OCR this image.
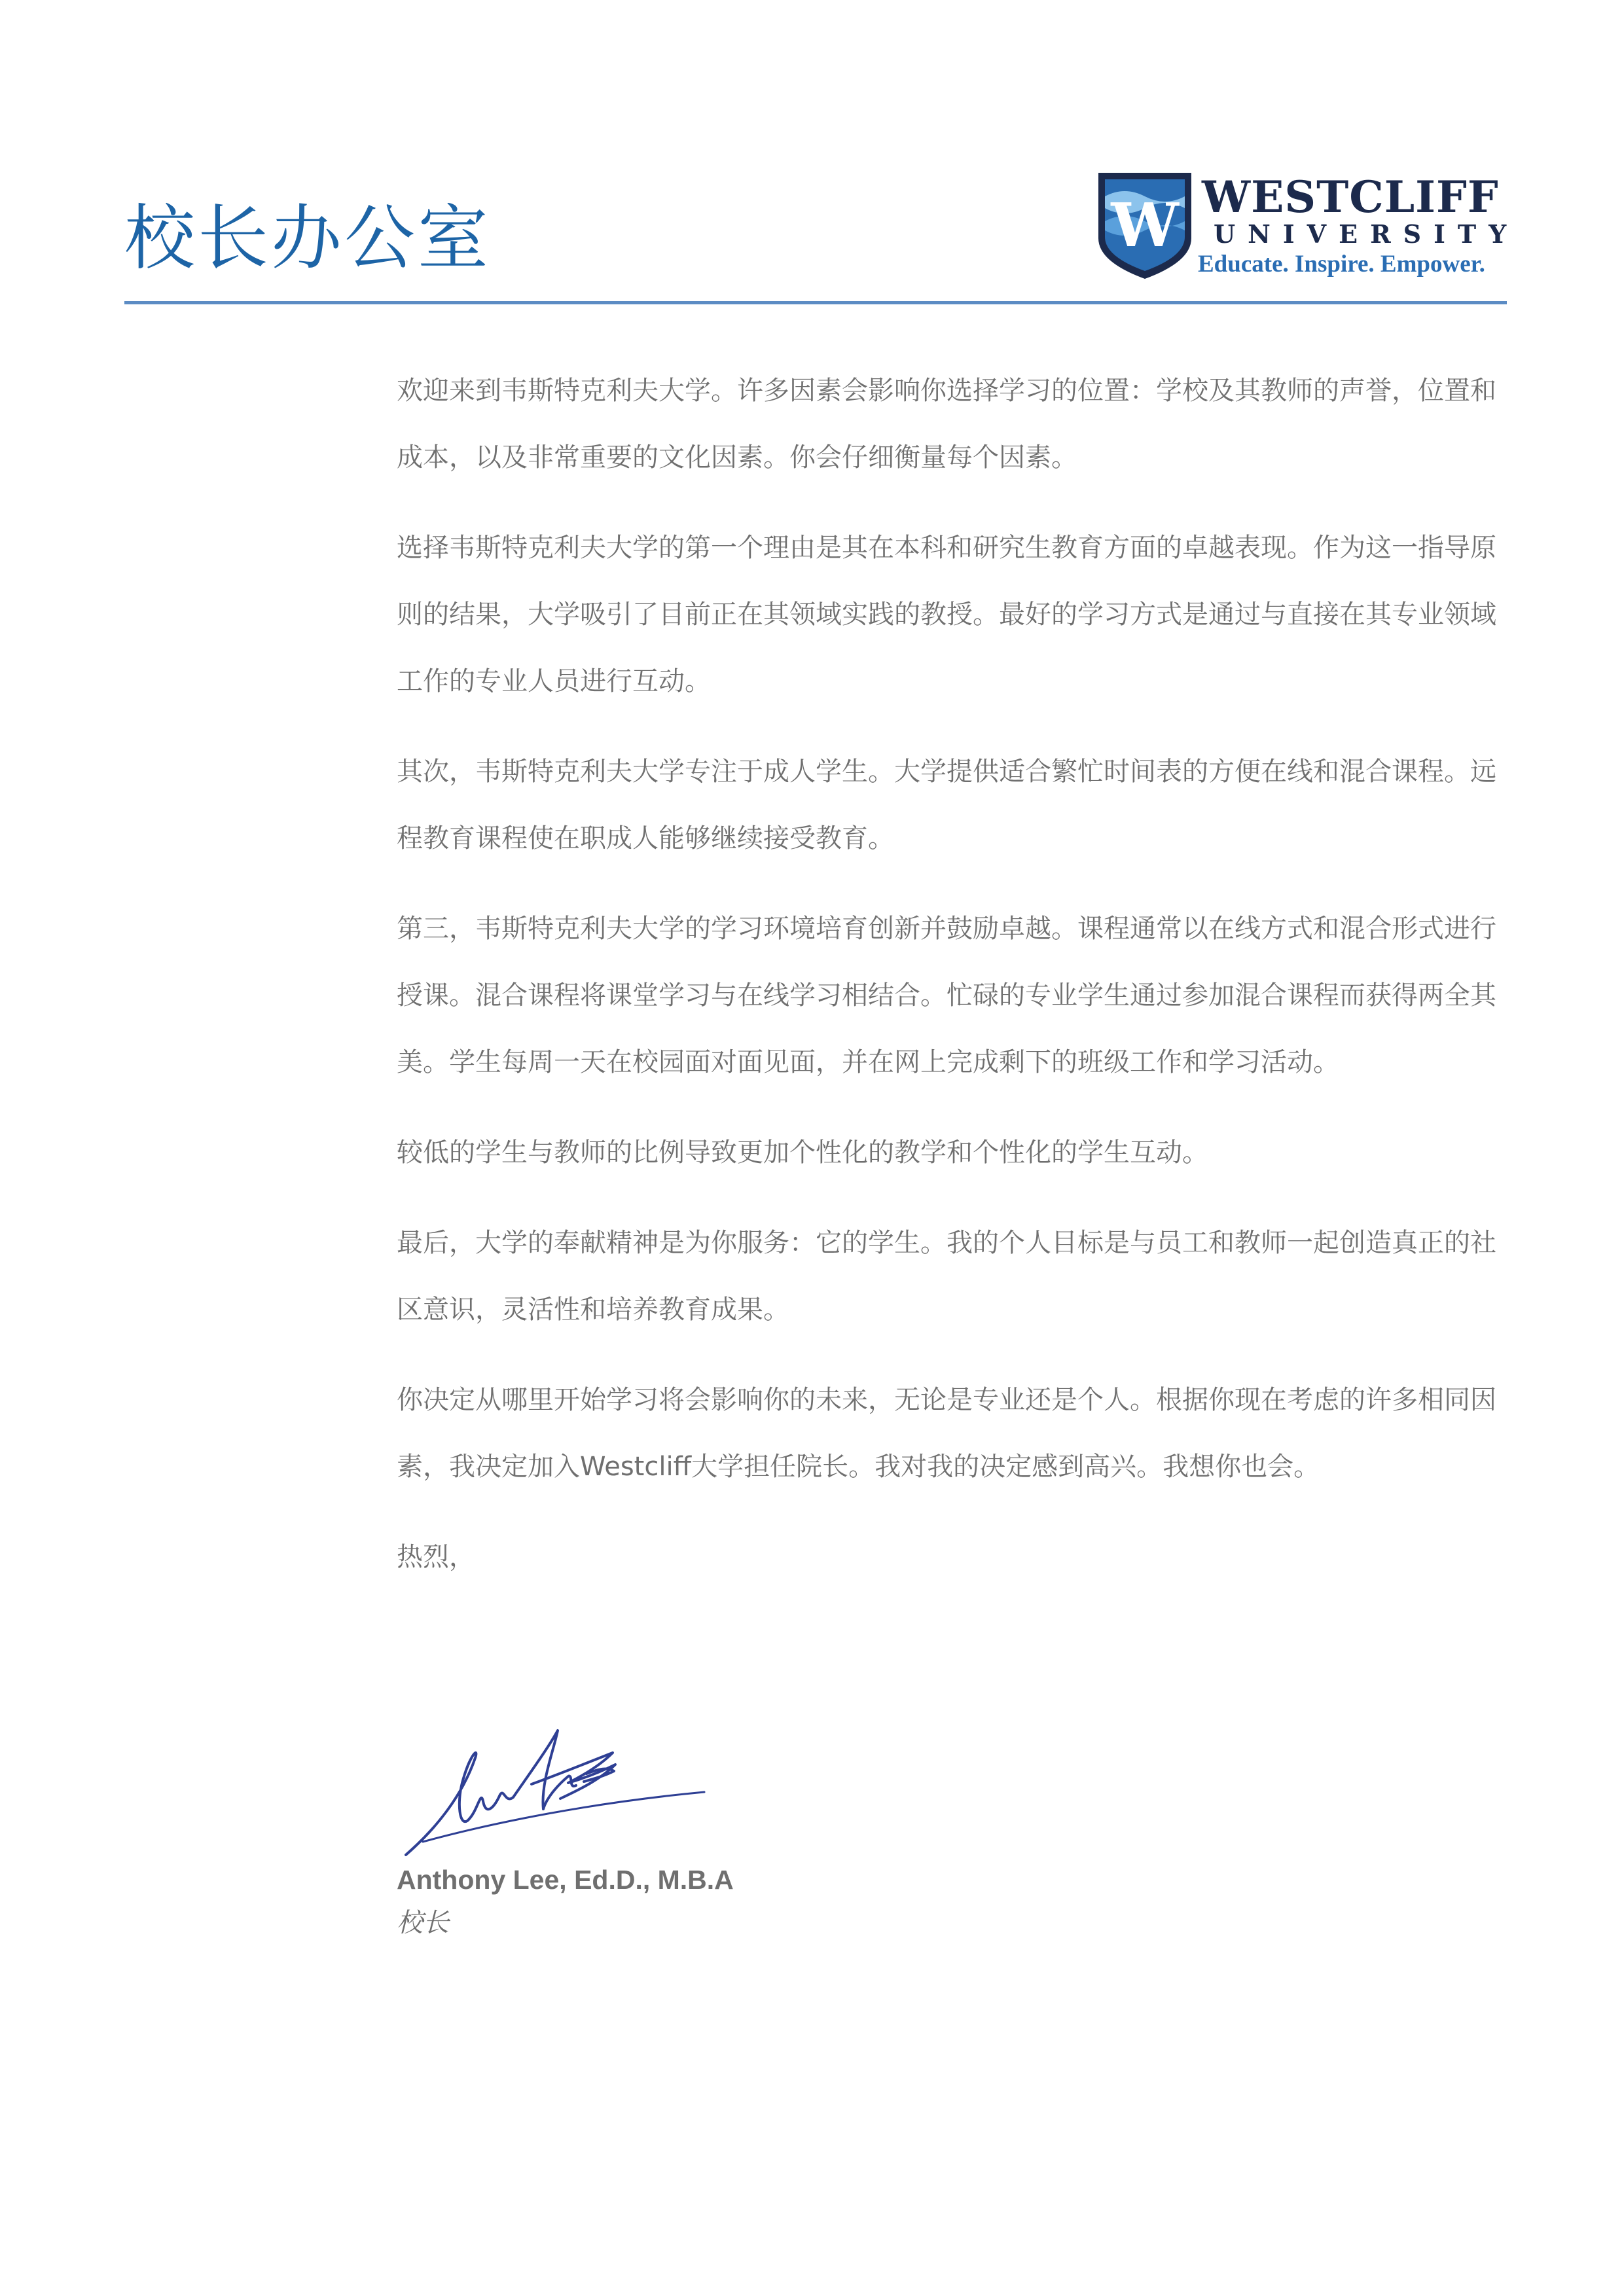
校长办公室	W WESTCLIFF
UNIVERSITY
Educate. Inspire. Empower.

欢迎来到韦斯特克利夫大学。许多因素会影响你选择学习的位置：学校及其教师的声誉，位置和成本，以及非常重要的文化因素。你会仔细衡量每个因素。

选择韦斯特克利夫大学的第一个理由是其在本科和研究生教育方面的卓越表现。作为这一指导原则的结果，大学吸引了目前正在其领域实践的教授。最好的学习方式是通过与直接在其专业领域工作的专业人员进行互动。

其次，韦斯特克利夫大学专注于成人学生。大学提供适合繁忙时间表的方便在线和混合课程。远程教育课程使在职成人能够继续接受教育。

第三，韦斯特克利夫大学的学习环境培育创新并鼓励卓越。课程通常以在线方式和混合形式进行授课。混合课程将课堂学习与在线学习相结合。忙碌的专业学生通过参加混合课程而获得两全其美。学生每周一天在校园面对面见面，并在网上完成剩下的班级工作和学习活动。

较低的学生与教师的比例导致更加个性化的教学和个性化的学生互动。

最后，大学的奉献精神是为你服务：它的学生。我的个人目标是与员工和教师一起创造真正的社区意识，灵活性和培养教育成果。

你决定从哪里开始学习将会影响你的未来，无论是专业还是个人。根据你现在考虑的许多相同因素，我决定加入Westcliff大学担任院长。我对我的决定感到高兴。我想你也会。

热烈，

Anthony Lee, Ed.D., M.B.A
校长
